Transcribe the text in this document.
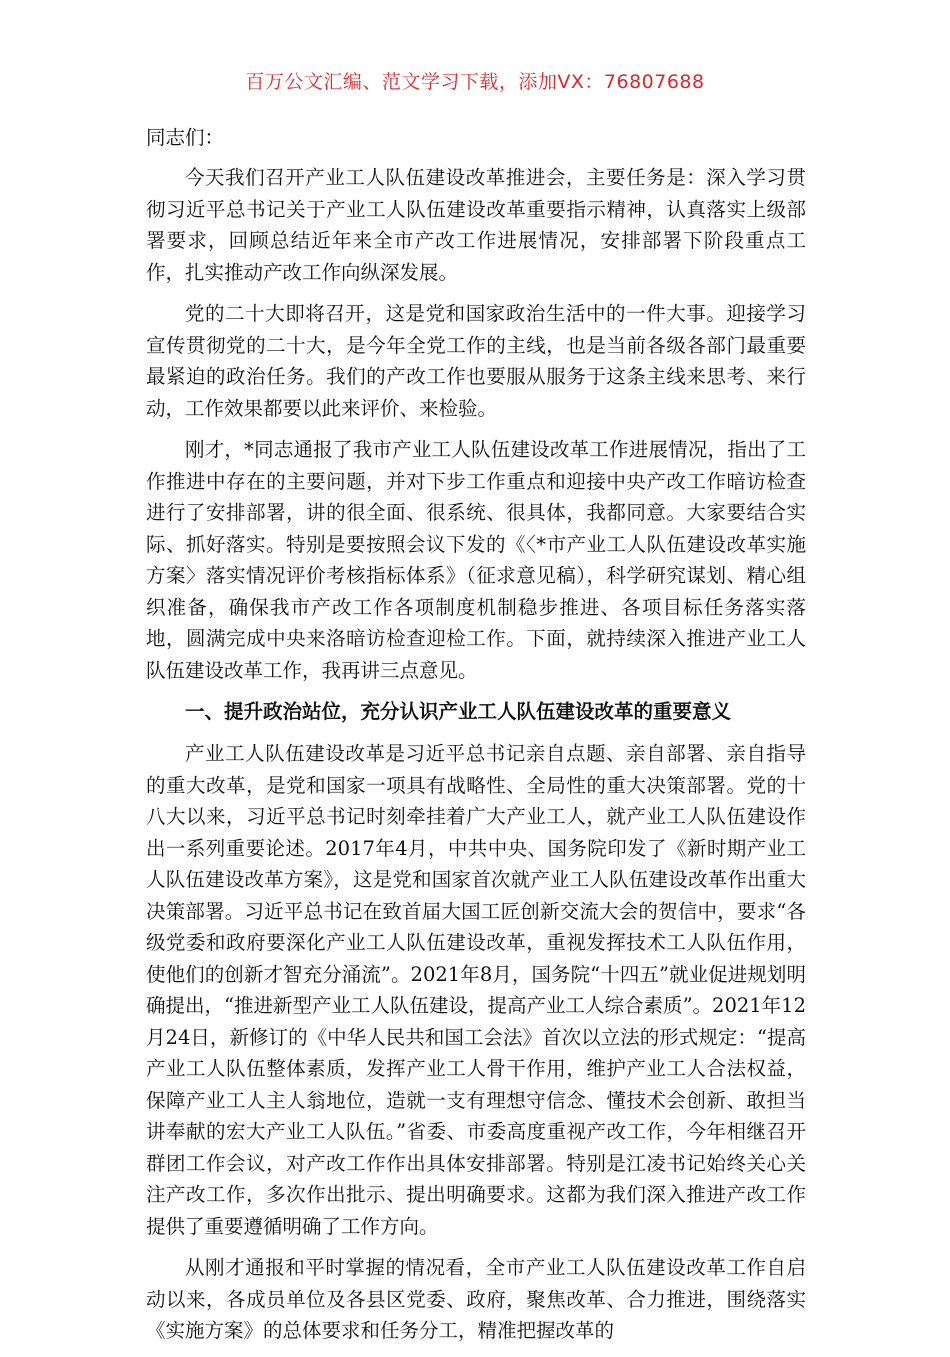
百万公文汇编、范文学习下载，添加VX：76807688
同志们：

今天我们召开产业工人队伍建设改革推进会，主要任务是：深入学习贯彻习近平总书记关于产业工人队伍建设改革重要指示精神，认真落实上级部署要求，回顾总结近年来全市产改工作进展情况，安排部署下阶段重点工作，扎实推动产改工作向纵深发展。

党的二十大即将召开，这是党和国家政治生活中的一件大事。迎接学习宣传贯彻党的二十大，是今年全党工作的主线，也是当前各级各部门最重要最紧迫的政治任务。我们的产改工作也要服从服务于这条主线来思考、来行动，工作效果都要以此来评价、来检验。

刚才，*同志通报了我市产业工人队伍建设改革工作进展情况，指出了工作推进中存在的主要问题，并对下步工作重点和迎接中央产改工作暗访检查进行了安排部署，讲的很全面、很系统、很具体，我都同意。大家要结合实际、抓好落实。特别是要按照会议下发的《〈*市产业工人队伍建设改革实施方案〉落实情况评价考核指标体系》（征求意见稿），科学研究谋划、精心组织准备，确保我市产改工作各项制度机制稳步推进、各项目标任务落实落地，圆满完成中央来洛暗访检查迎检工作。下面，就持续深入推进产业工人队伍建设改革工作，我再讲三点意见。

一、提升政治站位，充分认识产业工人队伍建设改革的重要意义

产业工人队伍建设改革是习近平总书记亲自点题、亲自部署、亲自指导的重大改革，是党和国家一项具有战略性、全局性的重大决策部署。党的十八大以来，习近平总书记时刻牵挂着广大产业工人，就产业工人队伍建设作出一系列重要论述。2017年4月，中共中央、国务院印发了《新时期产业工人队伍建设改革方案》，这是党和国家首次就产业工人队伍建设改革作出重大决策部署。习近平总书记在致首届大国工匠创新交流大会的贺信中，要求“各级党委和政府要深化产业工人队伍建设改革，重视发挥技术工人队伍作用，使他们的创新才智充分涌流”。2021年8月，国务院“十四五”就业促进规划明确提出，“推进新型产业工人队伍建设，提高产业工人综合素质”。2021年12月24日，新修订的《中华人民共和国工会法》首次以立法的形式规定：“提高产业工人队伍整体素质，发挥产业工人骨干作用，维护产业工人合法权益，保障产业工人主人翁地位，造就一支有理想守信念、懂技术会创新、敢担当讲奉献的宏大产业工人队伍。”省委、市委高度重视产改工作，今年相继召开群团工作会议，对产改工作作出具体安排部署。特别是江凌书记始终关心关注产改工作，多次作出批示、提出明确要求。这都为我们深入推进产改工作提供了重要遵循明确了工作方向。

从刚才通报和平时掌握的情况看，全市产业工人队伍建设改革工作自启动以来，各成员单位及各县区党委、政府，聚焦改革、合力推进，围绕落实《实施方案》的总体要求和任务分工，精准把握改革的
